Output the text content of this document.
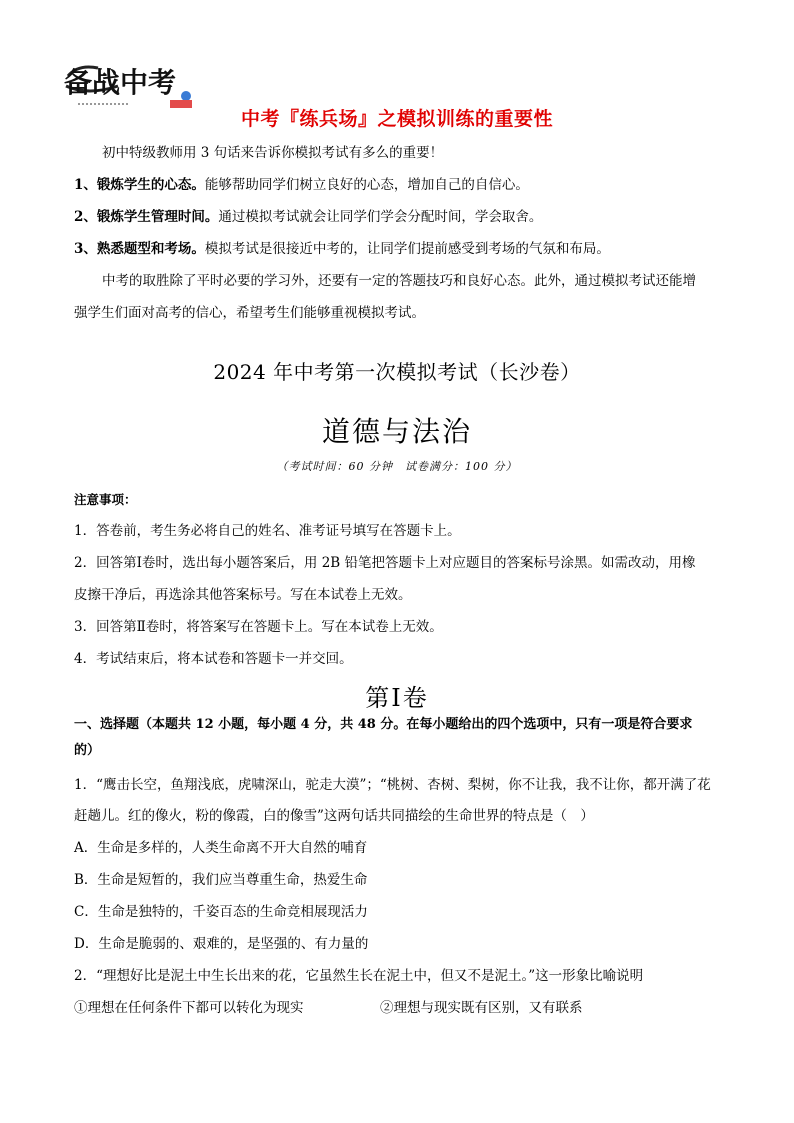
备战中考
中考『练兵场』之模拟训练的重要性
初中特级教师用 3 句话来告诉你模拟考试有多么的重要！
1、锻炼学生的心态。能够帮助同学们树立良好的心态，增加自己的自信心。
2、锻炼学生管理时间。通过模拟考试就会让同学们学会分配时间，学会取舍。
3、熟悉题型和考场。模拟考试是很接近中考的，让同学们提前感受到考场的气氛和布局。
中考的取胜除了平时必要的学习外，还要有一定的答题技巧和良好心态。此外，通过模拟考试还能增
强学生们面对高考的信心，希望考生们能够重视模拟考试。
2024 年中考第一次模拟考试（长沙卷）
道德与法治
（考试时间：60 分钟　试卷满分：100 分）
注意事项：
1．答卷前，考生务必将自己的姓名、准考证号填写在答题卡上。
2．回答第Ⅰ卷时，选出每小题答案后，用 2B 铅笔把答题卡上对应题目的答案标号涂黑。如需改动，用橡
皮擦干净后，再选涂其他答案标号。写在本试卷上无效。
3．回答第Ⅱ卷时，将答案写在答题卡上。写在本试卷上无效。
4．考试结束后，将本试卷和答题卡一并交回。
第Ⅰ卷
一、选择题（本题共 12 小题，每小题 4 分，共 48 分。在每小题给出的四个选项中，只有一项是符合要求
的）
1．“鹰击长空，鱼翔浅底，虎啸深山，驼走大漠”；“桃树、杏树、梨树，你不让我，我不让你，都开满了花
赶趟儿。红的像火，粉的像霞，白的像雪”这两句话共同描绘的生命世界的特点是（　）
A．生命是多样的，人类生命离不开大自然的哺育
B．生命是短暂的，我们应当尊重生命，热爱生命
C．生命是独特的，千姿百态的生命竞相展现活力
D．生命是脆弱的、艰难的，是坚强的、有力量的
2．“理想好比是泥土中生长出来的花，它虽然生长在泥土中，但又不是泥土。”这一形象比喻说明
①理想在任何条件下都可以转化为现实	②理想与现实既有区别，又有联系
